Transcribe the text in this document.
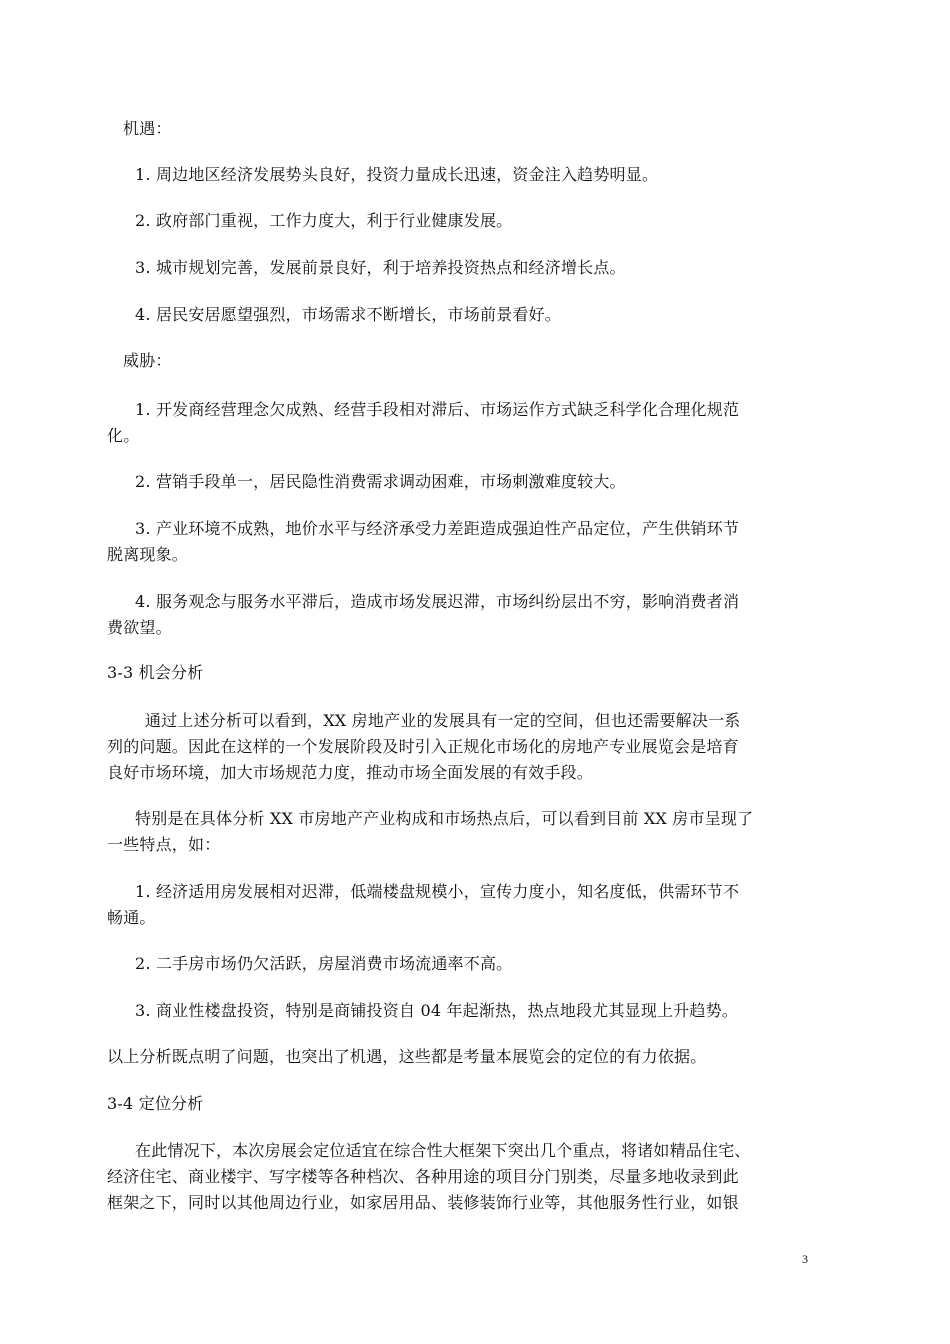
机遇：
1. 周边地区经济发展势头良好，投资力量成长迅速，资金注入趋势明显。
2. 政府部门重视，工作力度大，利于行业健康发展。
3. 城市规划完善，发展前景良好，利于培养投资热点和经济增长点。
4. 居民安居愿望强烈，市场需求不断增长，市场前景看好。
威胁：
1. 开发商经营理念欠成熟、经营手段相对滞后、市场运作方式缺乏科学化合理化规范
化。
2. 营销手段单一，居民隐性消费需求调动困难，市场刺激难度较大。
3. 产业环境不成熟，地价水平与经济承受力差距造成强迫性产品定位，产生供销环节
脱离现象。
4. 服务观念与服务水平滞后，造成市场发展迟滞，市场纠纷层出不穷，影响消费者消
费欲望。
3-3 机会分析
通过上述分析可以看到，XX 房地产业的发展具有一定的空间，但也还需要解决一系
列的问题。因此在这样的一个发展阶段及时引入正规化市场化的房地产专业展览会是培育
良好市场环境，加大市场规范力度，推动市场全面发展的有效手段。
特别是在具体分析 XX 市房地产产业构成和市场热点后，可以看到目前 XX 房市呈现了
一些特点，如：
1. 经济适用房发展相对迟滞，低端楼盘规模小，宣传力度小，知名度低，供需环节不
畅通。
2. 二手房市场仍欠活跃，房屋消费市场流通率不高。
3. 商业性楼盘投资，特别是商铺投资自 04 年起渐热，热点地段尤其显现上升趋势。
以上分析既点明了问题，也突出了机遇，这些都是考量本展览会的定位的有力依据。
3-4 定位分析
在此情况下，本次房展会定位适宜在综合性大框架下突出几个重点，将诸如精品住宅、
经济住宅、商业楼宇、写字楼等各种档次、各种用途的项目分门别类，尽量多地收录到此
框架之下，同时以其他周边行业，如家居用品、装修装饰行业等，其他服务性行业，如银
3
